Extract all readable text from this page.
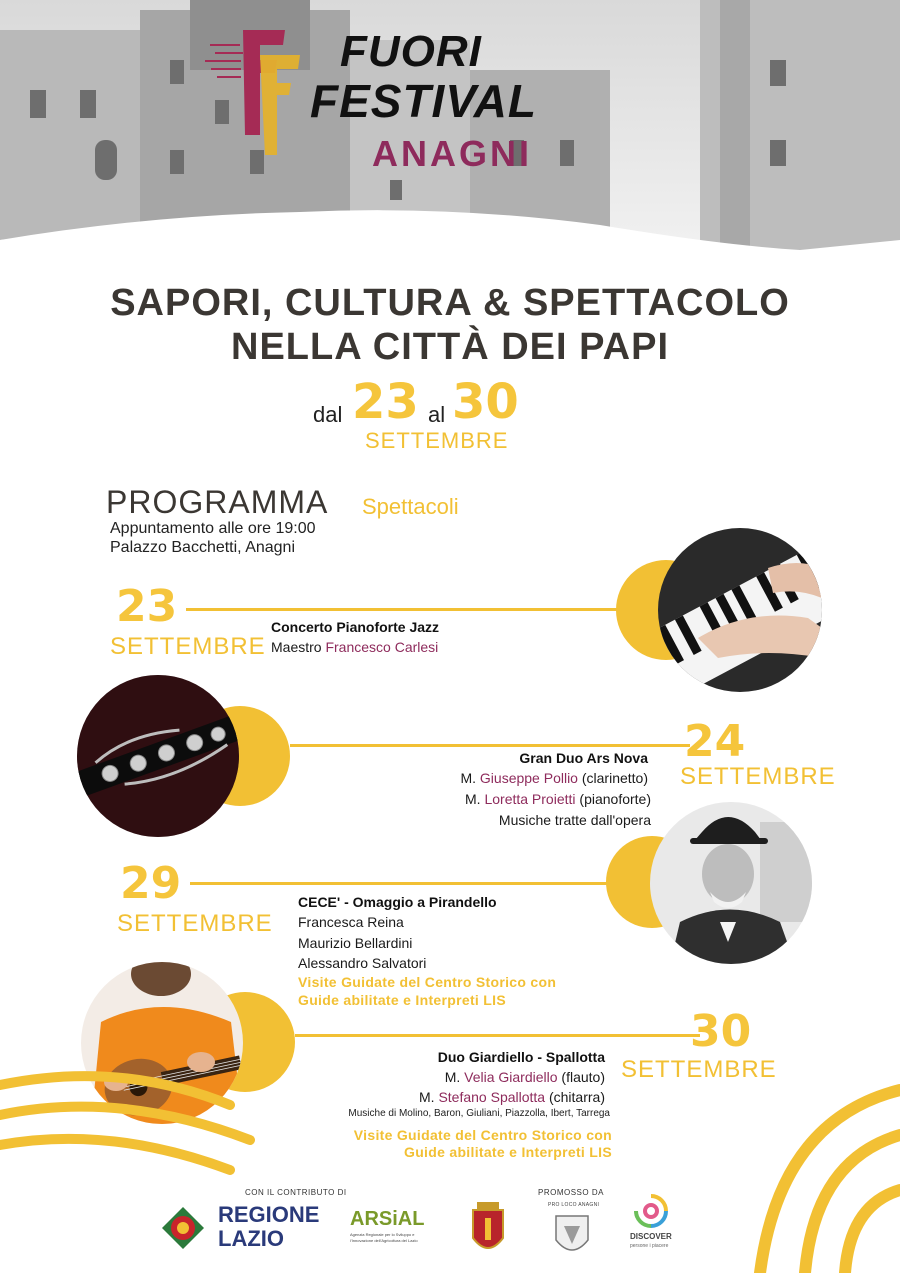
FUORI
FESTIVAL
ANAGNI
SAPORI, CULTURA & SPETTACOLO
NELLA CITTÀ DEI PAPI
dal 23 al 30
SETTEMBRE
PROGRAMMA Spettacoli
Appuntamento alle ore 19:00
Palazzo Bacchetti, Anagni
23
SETTEMBRE
Concerto Pianoforte Jazz
Maestro Francesco Carlesi
24
SETTEMBRE
Gran Duo Ars Nova
M. Giuseppe Pollio (clarinetto)
M. Loretta Proietti (pianoforte)
Musiche tratte dall'opera
29
SETTEMBRE
CECE' - Omaggio a Pirandello
Francesca Reina
Maurizio Bellardini
Alessandro Salvatori
Visite Guidate del Centro Storico con
Guide abilitate e Interpreti LIS
30
SETTEMBRE
Duo Giardiello - Spallotta
M. Velia Giardiello (flauto)
M. Stefano Spallotta (chitarra)
Musiche di Molino, Baron, Giuliani, Piazzolla, Ibert, Tarrega
Visite Guidate del Centro Storico con
Guide abilitate e Interpreti LIS
CON IL CONTRIBUTO DI
REGIONE
LAZIO
ARSiAL
Agenzia Regionale per lo Sviluppo e l'Innovazione dell'Agricoltura del Lazio
PROMOSSO DA
PRO LOCO ANAGNI
DISCOVER
persone i piacere
